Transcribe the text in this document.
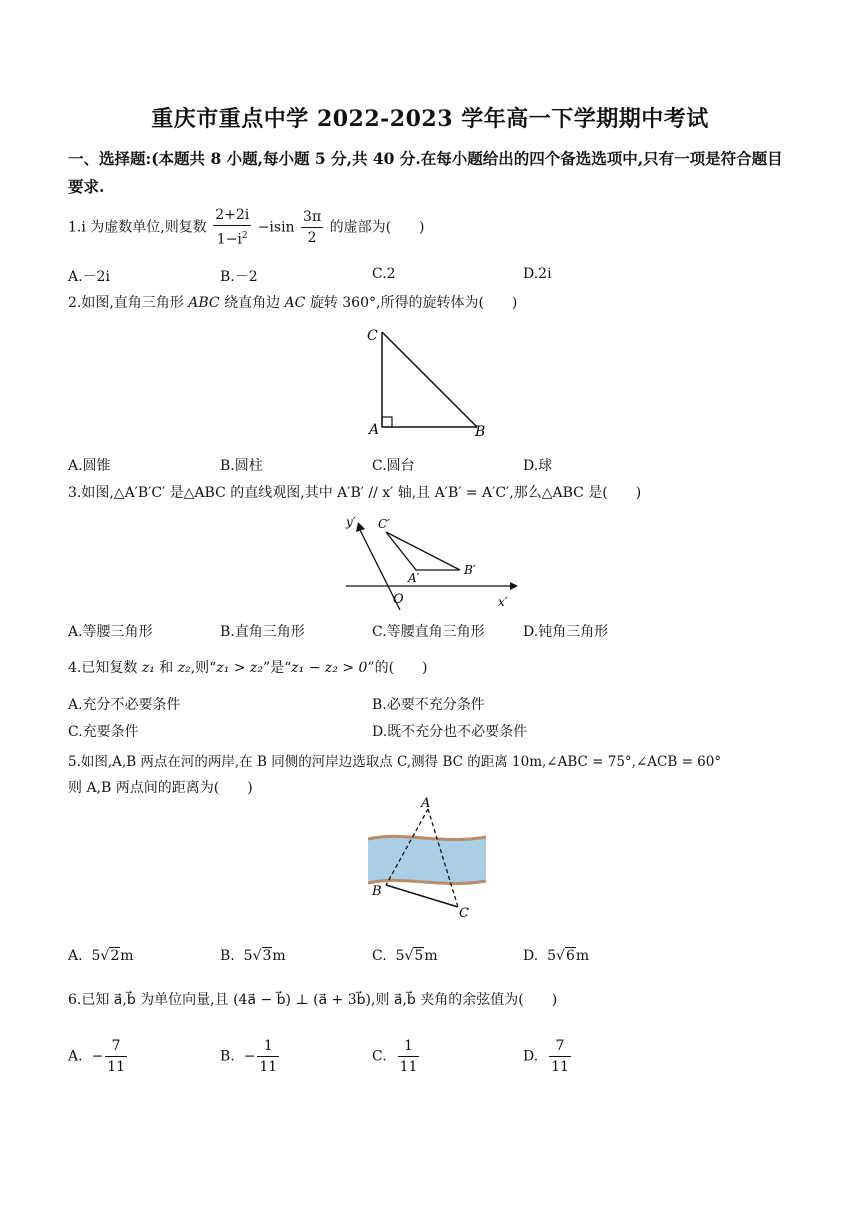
重庆市重点中学 2022-2023 学年高一下学期期中考试
一、选择题:(本题共 8 小题,每小题 5 分,共 40 分.在每小题给出的四个备选选项中,只有一项是符合题目要求.
1.i 为虚数单位,则复数 $\frac{2+2i}{1-i^2} -isin \frac{3\pi}{2}$ 的虚部为(　　)
A.－2i	B.－2	C.2	D.2i
2.如图,直角三角形 ABC 绕直角边 AC 旋转 360°,所得的旋转体为(　　)
C
A	B
A.圆锥	B.圆柱	C.圆台	D.球
3.如图,△A′B′C′ 是△ABC 的直线观图,其中 A′B′ // x′ 轴,且 A′B′ = A′C′,那么△ABC 是(　　)
y′ C′
A′
B′
O	x′
A.等腰三角形	B.直角三角形	C.等腰直角三角形	D.钝角三角形
4.已知复数 z₁ 和 z₂,则“z₁ > z₂”是“z₁ − z₂ > 0”的(　　)
A.充分不必要条件	B.必要不充分条件
C.充要条件	D.既不充分也不必要条件
5.如图,A,B 两点在河的两岸,在 B 同侧的河岸边选取点 C,测得 BC 的距离 10m,∠ABC = 75°,∠ACB = 60°
则 A,B 两点间的距离为(　　)
A
B
C
A. 5√2m	B. 5√3m	C. 5√5m	D. 5√6m
6.已知 a⃗,b⃗ 为单位向量,且 (4a⃗ − b⃗) ⊥ (a⃗ + 3b⃗),则 a⃗,b⃗ 夹角的余弦值为(　　)
A. − $\frac{7}{11}$	B. − $\frac{1}{11}$	C. $\frac{1}{11}$	D. $\frac{7}{11}$
